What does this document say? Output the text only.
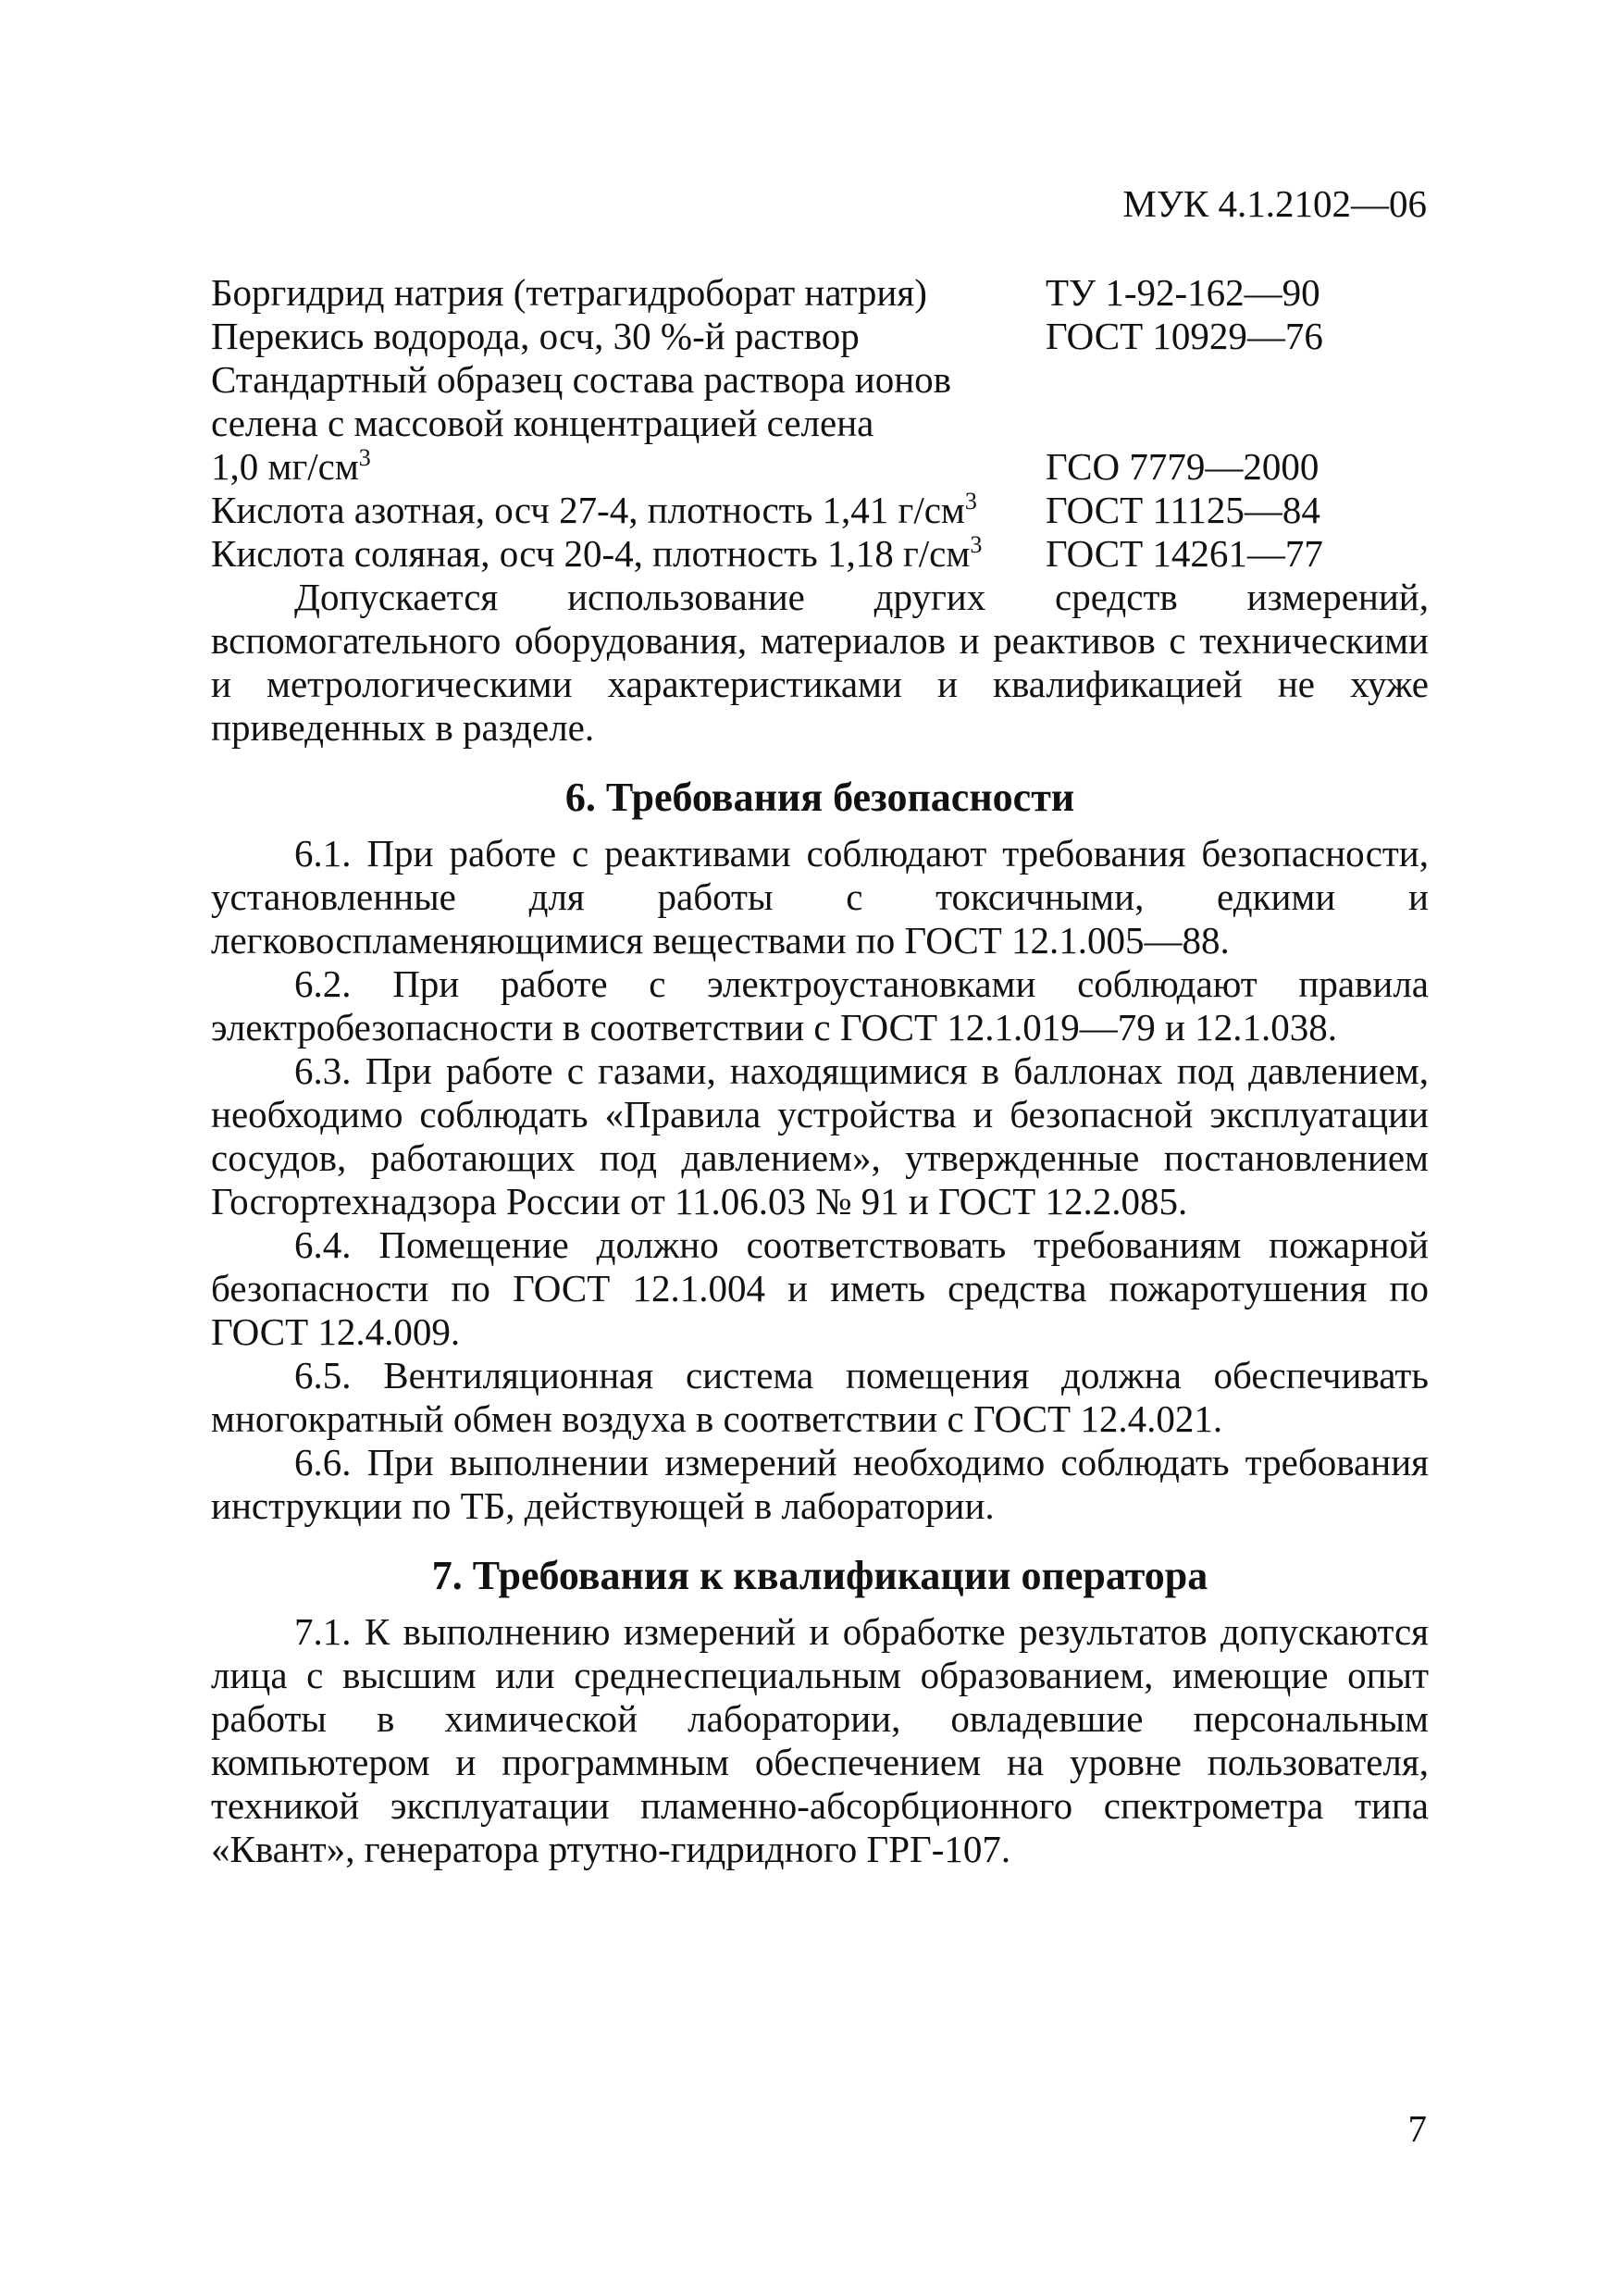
МУК 4.1.2102—06
Боргидрид натрия (тетрагидроборат натрия)	ТУ 1-92-162—90
Перекись водорода, осч, 30 %-й раствор	ГОСТ 10929—76
Стандартный образец состава раствора ионов
селена с массовой концентрацией селена
1,0 $мг/см^3$	ГСО 7779—2000
Кислота азотная, осч 27-4, плотность 1,41 $г/см^3$ ГОСТ 11125—84
Кислота соляная, осч 20-4, плотность 1,18 $г/см^3$ ГОСТ 14261—77

Допускается использование других средств измерений, вспомогательного оборудования, материалов и реактивов с техническими и метрологическими характеристиками и квалификацией не хуже приведенных в разделе.

6. Требования безопасности

6.1. При работе с реактивами соблюдают требования безопасности, установленные для работы с токсичными, едкими и легковоспламеняющимися веществами по ГОСТ 12.1.005—88.

6.2. При работе с электроустановками соблюдают правила электробезопасности в соответствии с ГОСТ 12.1.019—79 и 12.1.038.

6.3. При работе с газами, находящимися в баллонах под давлением, необходимо соблюдать «Правила устройства и безопасной эксплуатации сосудов, работающих под давлением», утвержденные постановлением Госгортехнадзора России от 11.06.03 № 91 и ГОСТ 12.2.085.

6.4. Помещение должно соответствовать требованиям пожарной безопасности по ГОСТ 12.1.004 и иметь средства пожаротушения по ГОСТ 12.4.009.

6.5. Вентиляционная система помещения должна обеспечивать многократный обмен воздуха в соответствии с ГОСТ 12.4.021.

6.6. При выполнении измерений необходимо соблюдать требования инструкции по ТБ, действующей в лаборатории.

7. Требования к квалификации оператора

7.1. К выполнению измерений и обработке результатов допускаются лица с высшим или среднеспециальным образованием, имеющие опыт работы в химической лаборатории, овладевшие персональным компьютером и программным обеспечением на уровне пользователя, техникой эксплуатации пламенно-абсорбционного спектрометра типа «Квант», генератора ртутно-гидридного ГРГ-107.

7
